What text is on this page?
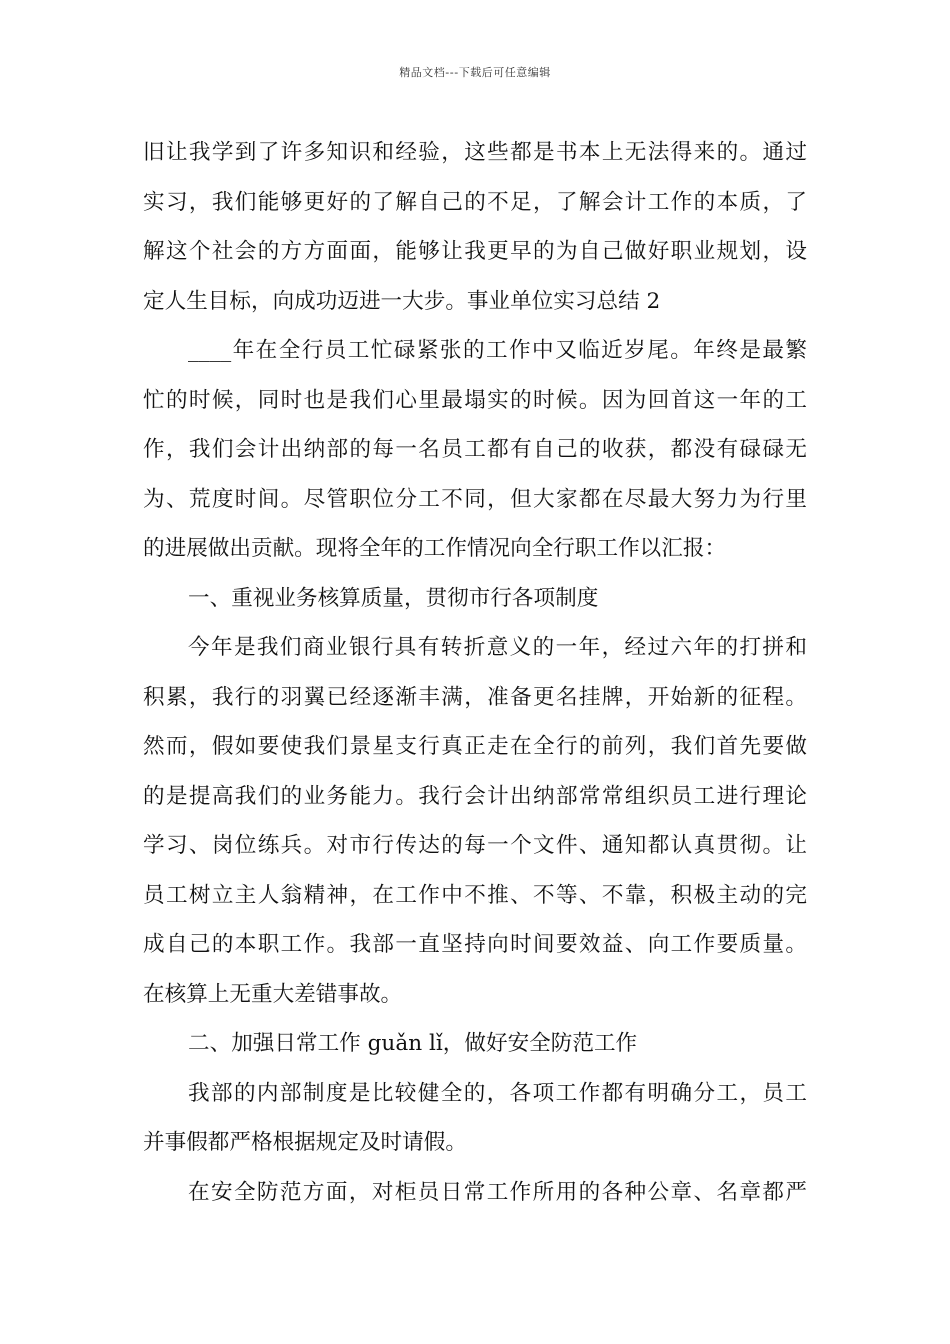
精品文档---下载后可任意编辑
旧让我学到了许多知识和经验，这些都是书本上无法得来的。通过
实习，我们能够更好的了解自己的不足，了解会计工作的本质，了
解这个社会的方方面面，能够让我更早的为自己做好职业规划，设
定人生目标，向成功迈进一大步。事业单位实习总结 2
____年在全行员工忙碌紧张的工作中又临近岁尾。年终是最繁
忙的时候，同时也是我们心里最塌实的时候。因为回首这一年的工
作，我们会计出纳部的每一名员工都有自己的收获，都没有碌碌无
为、荒度时间。尽管职位分工不同，但大家都在尽最大努力为行里
的进展做出贡献。现将全年的工作情况向全行职工作以汇报：
一、重视业务核算质量，贯彻市行各项制度
今年是我们商业银行具有转折意义的一年，经过六年的打拼和
积累，我行的羽翼已经逐渐丰满，准备更名挂牌，开始新的征程。
然而，假如要使我们景星支行真正走在全行的前列，我们首先要做
的是提高我们的业务能力。我行会计出纳部常常组织员工进行理论
学习、岗位练兵。对市行传达的每一个文件、通知都认真贯彻。让
员工树立主人翁精神，在工作中不推、不等、不靠，积极主动的完
成自己的本职工作。我部一直坚持向时间要效益、向工作要质量。
在核算上无重大差错事故。
二、加强日常工作 guǎn lǐ，做好安全防范工作
我部的内部制度是比较健全的，各项工作都有明确分工，员工
并事假都严格根据规定及时请假。
在安全防范方面，对柜员日常工作所用的各种公章、名章都严
